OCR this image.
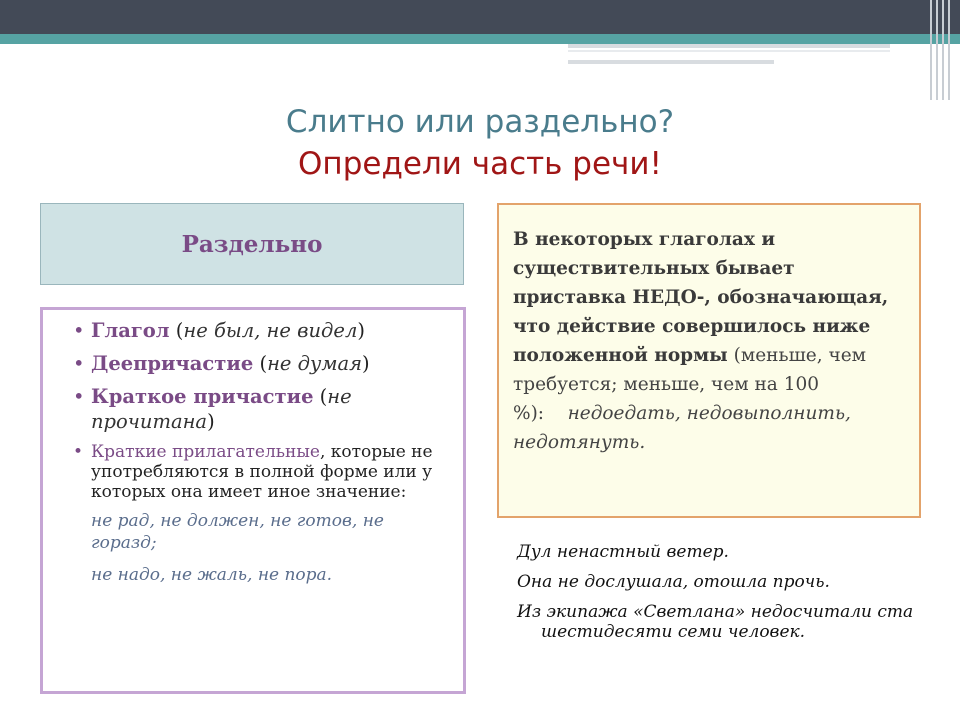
Слитно или раздельно?
Определи часть речи!
Раздельно
• Глагол (не был, не видел)
• Деепричастие (не думая)
• Краткое причастие (не прочитана)
• Краткие прилагательные, которые не употребляются в полной форме или у которых она имеет иное значение:
не рад, не должен, не готов, не горазд;
не надо, не жаль, не пора.
В некоторых глаголах и существительных бывает приставка НЕДО-, обозначающая, что действие совершилось ниже положенной нормы (меньше, чем требуется; меньше, чем на 100 %): недоедать, недовыполнить, недотянуть.

Дул ненастный ветер.

Она не дослушала, отошла прочь.

Из экипажа «Светлана» недосчитали ста шестидесяти семи человек.
